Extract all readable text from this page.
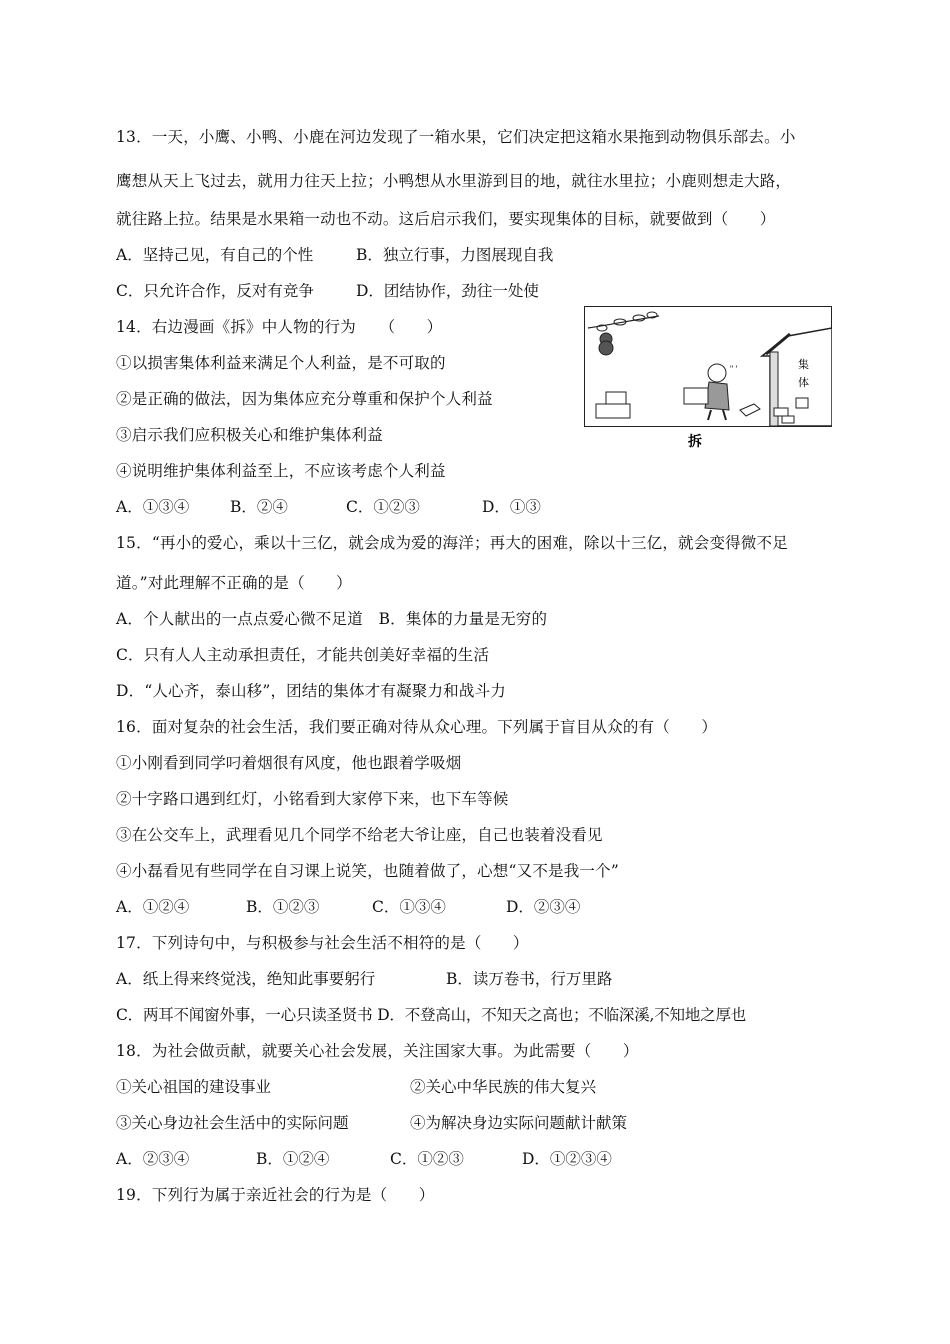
13．一天，小鹰、小鸭、小鹿在河边发现了一箱水果，它们决定把这箱水果拖到动物俱乐部去。小
鹰想从天上飞过去，就用力往天上拉；小鸭想从水里游到目的地，就往水里拉；小鹿则想走大路，
就往路上拉。结果是水果箱一动也不动。这后启示我们，要实现集体的目标，就要做到（　　）
A．坚持己见，有自己的个性	B．独立行事，力图展现自我
C．只允许合作，反对有竞争	D．团结协作，劲往一处使
14．右边漫画《拆》中人物的行为　　（　　）
①以损害集体利益来满足个人利益，是不可取的
②是正确的做法，因为集体应充分尊重和保护个人利益
③启示我们应积极关心和维护集体利益
④说明维护集体利益至上，不应该考虑个人利益
A．①③④	B．②④	C．①②③	D．①③
集
体
" '
拆
15．“再小的爱心，乘以十三亿，就会成为爱的海洋；再大的困难，除以十三亿，就会变得微不足
道。”对此理解不正确的是（　　）
A．个人献出的一点点爱心微不足道　B．集体的力量是无穷的
C．只有人人主动承担责任，才能共创美好幸福的生活
D．“人心齐，泰山移”，团结的集体才有凝聚力和战斗力
16．面对复杂的社会生活，我们要正确对待从众心理。下列属于盲目从众的有（　　）
①小刚看到同学叼着烟很有风度，他也跟着学吸烟
②十字路口遇到红灯，小铭看到大家停下来，也下车等候
③在公交车上，武理看见几个同学不给老大爷让座，自己也装着没看见
④小磊看见有些同学在自习课上说笑，也随着做了，心想“又不是我一个”
A．①②④	B．①②③	C．①③④	D．②③④
17．下列诗句中，与积极参与社会生活不相符的是（　　）
A．纸上得来终觉浅，绝知此事要躬行	B．读万卷书，行万里路
C．两耳不闻窗外事，一心只读圣贤书 D．不登高山，不知天之高也；不临深溪,不知地之厚也
18．为社会做贡献，就要关心社会发展，关注国家大事。为此需要（　　）
①关心祖国的建设事业	②关心中华民族的伟大复兴
③关心身边社会生活中的实际问题	④为解决身边实际问题献计献策
A．②③④	B．①②④	C．①②③	D．①②③④
19．下列行为属于亲近社会的行为是（　　）
